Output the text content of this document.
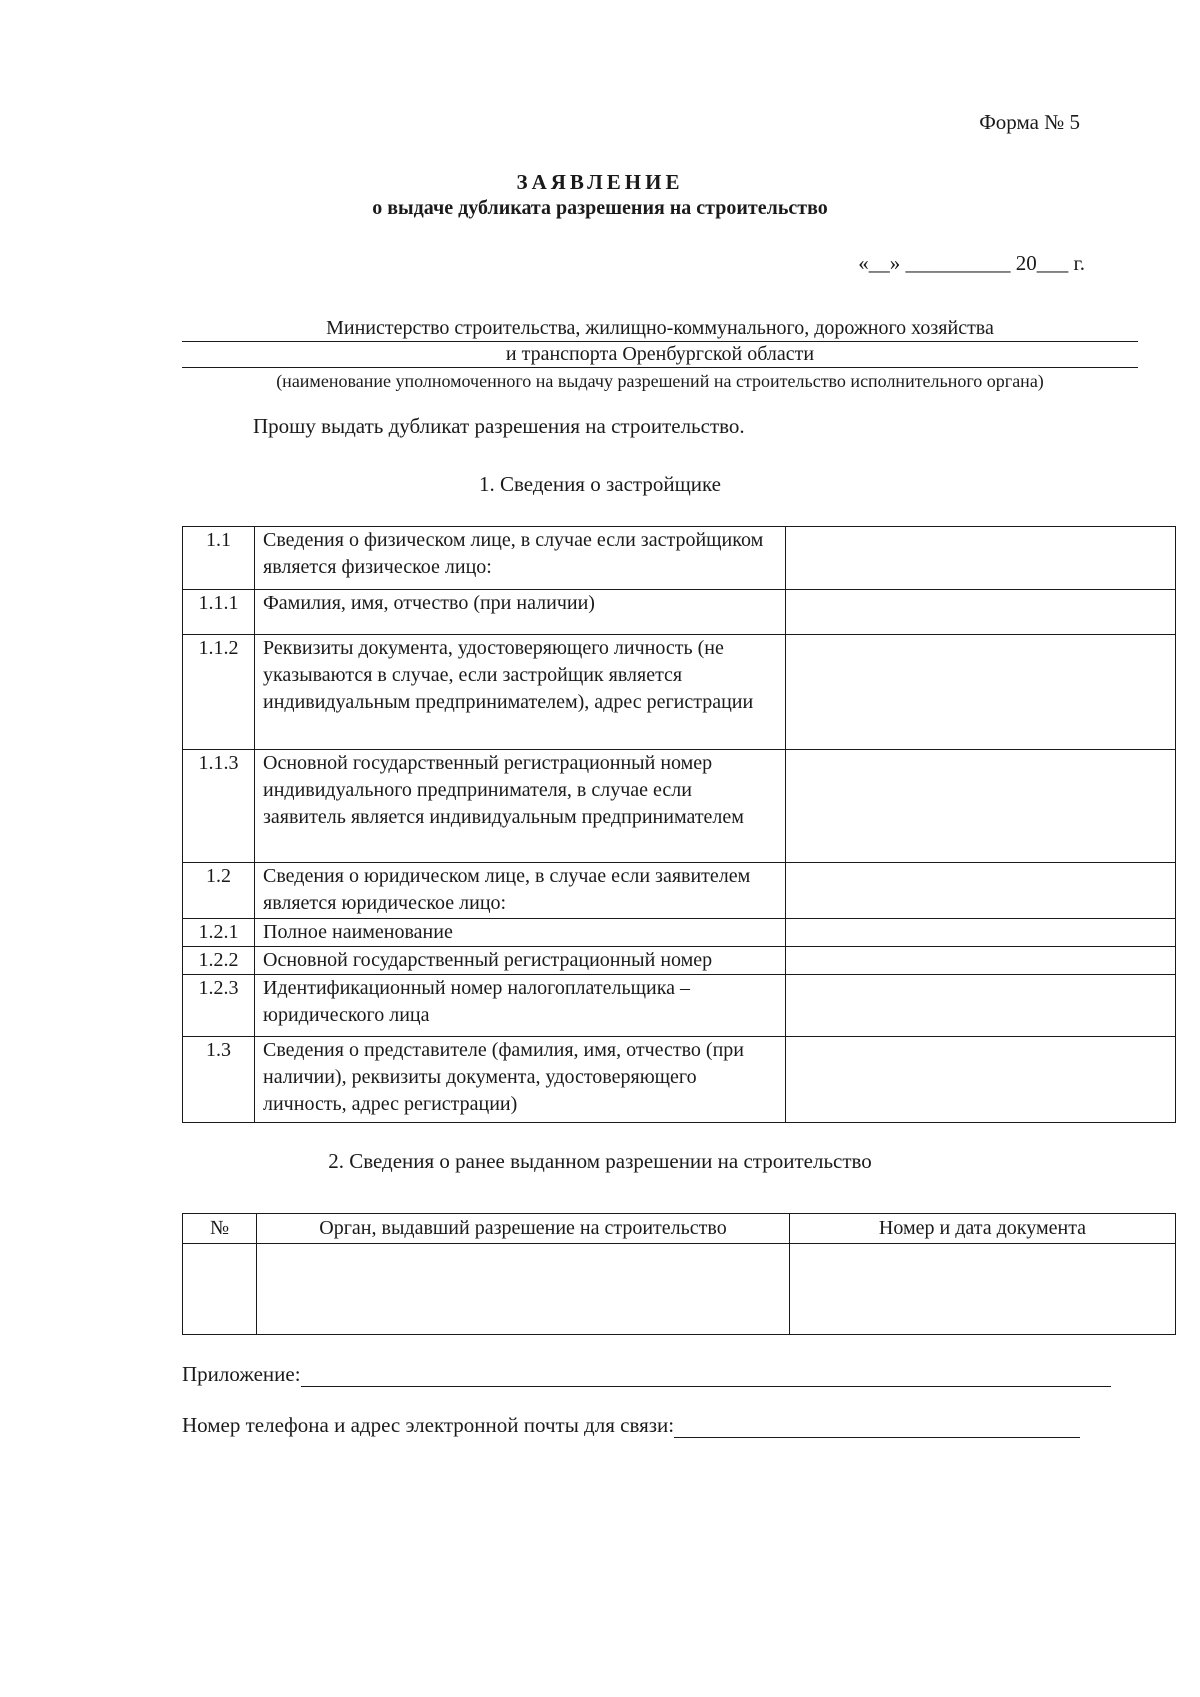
Форма № 5
ЗАЯВЛЕНИЕ
о выдаче дубликата разрешения на строительство
«__» __________ 20___ г.
Министерство строительства, жилищно-коммунального, дорожного хозяйства
и транспорта Оренбургской области
(наименование уполномоченного на выдачу разрешений на строительство исполнительного органа)
Прошу выдать дубликат разрешения на строительство.
1. Сведения о застройщике
1.1	Сведения о физическом лице, в случае если застройщиком является физическое лицо:	
1.1.1	Фамилия, имя, отчество (при наличии)	
1.1.2	Реквизиты документа, удостоверяющего личность (не указываются в случае, если застройщик является индивидуальным предпринимателем), адрес регистрации	
1.1.3	Основной государственный регистрационный номер индивидуального предпринимателя, в случае если заявитель является индивидуальным предпринимателем	
1.2	Сведения о юридическом лице, в случае если заявителем является юридическое лицо:	
1.2.1	Полное наименование	
1.2.2	Основной государственный регистрационный номер	
1.2.3	Идентификационный номер налогоплательщика – юридического лица	
1.3	Сведения о представителе (фамилия, имя, отчество (при наличии), реквизиты документа, удостоверяющего личность, адрес регистрации)	
2. Сведения о ранее выданном разрешении на строительство
№	Орган, выдавший разрешение на строительство	Номер и дата документа

Приложение:
Номер телефона и адрес электронной почты для связи:
